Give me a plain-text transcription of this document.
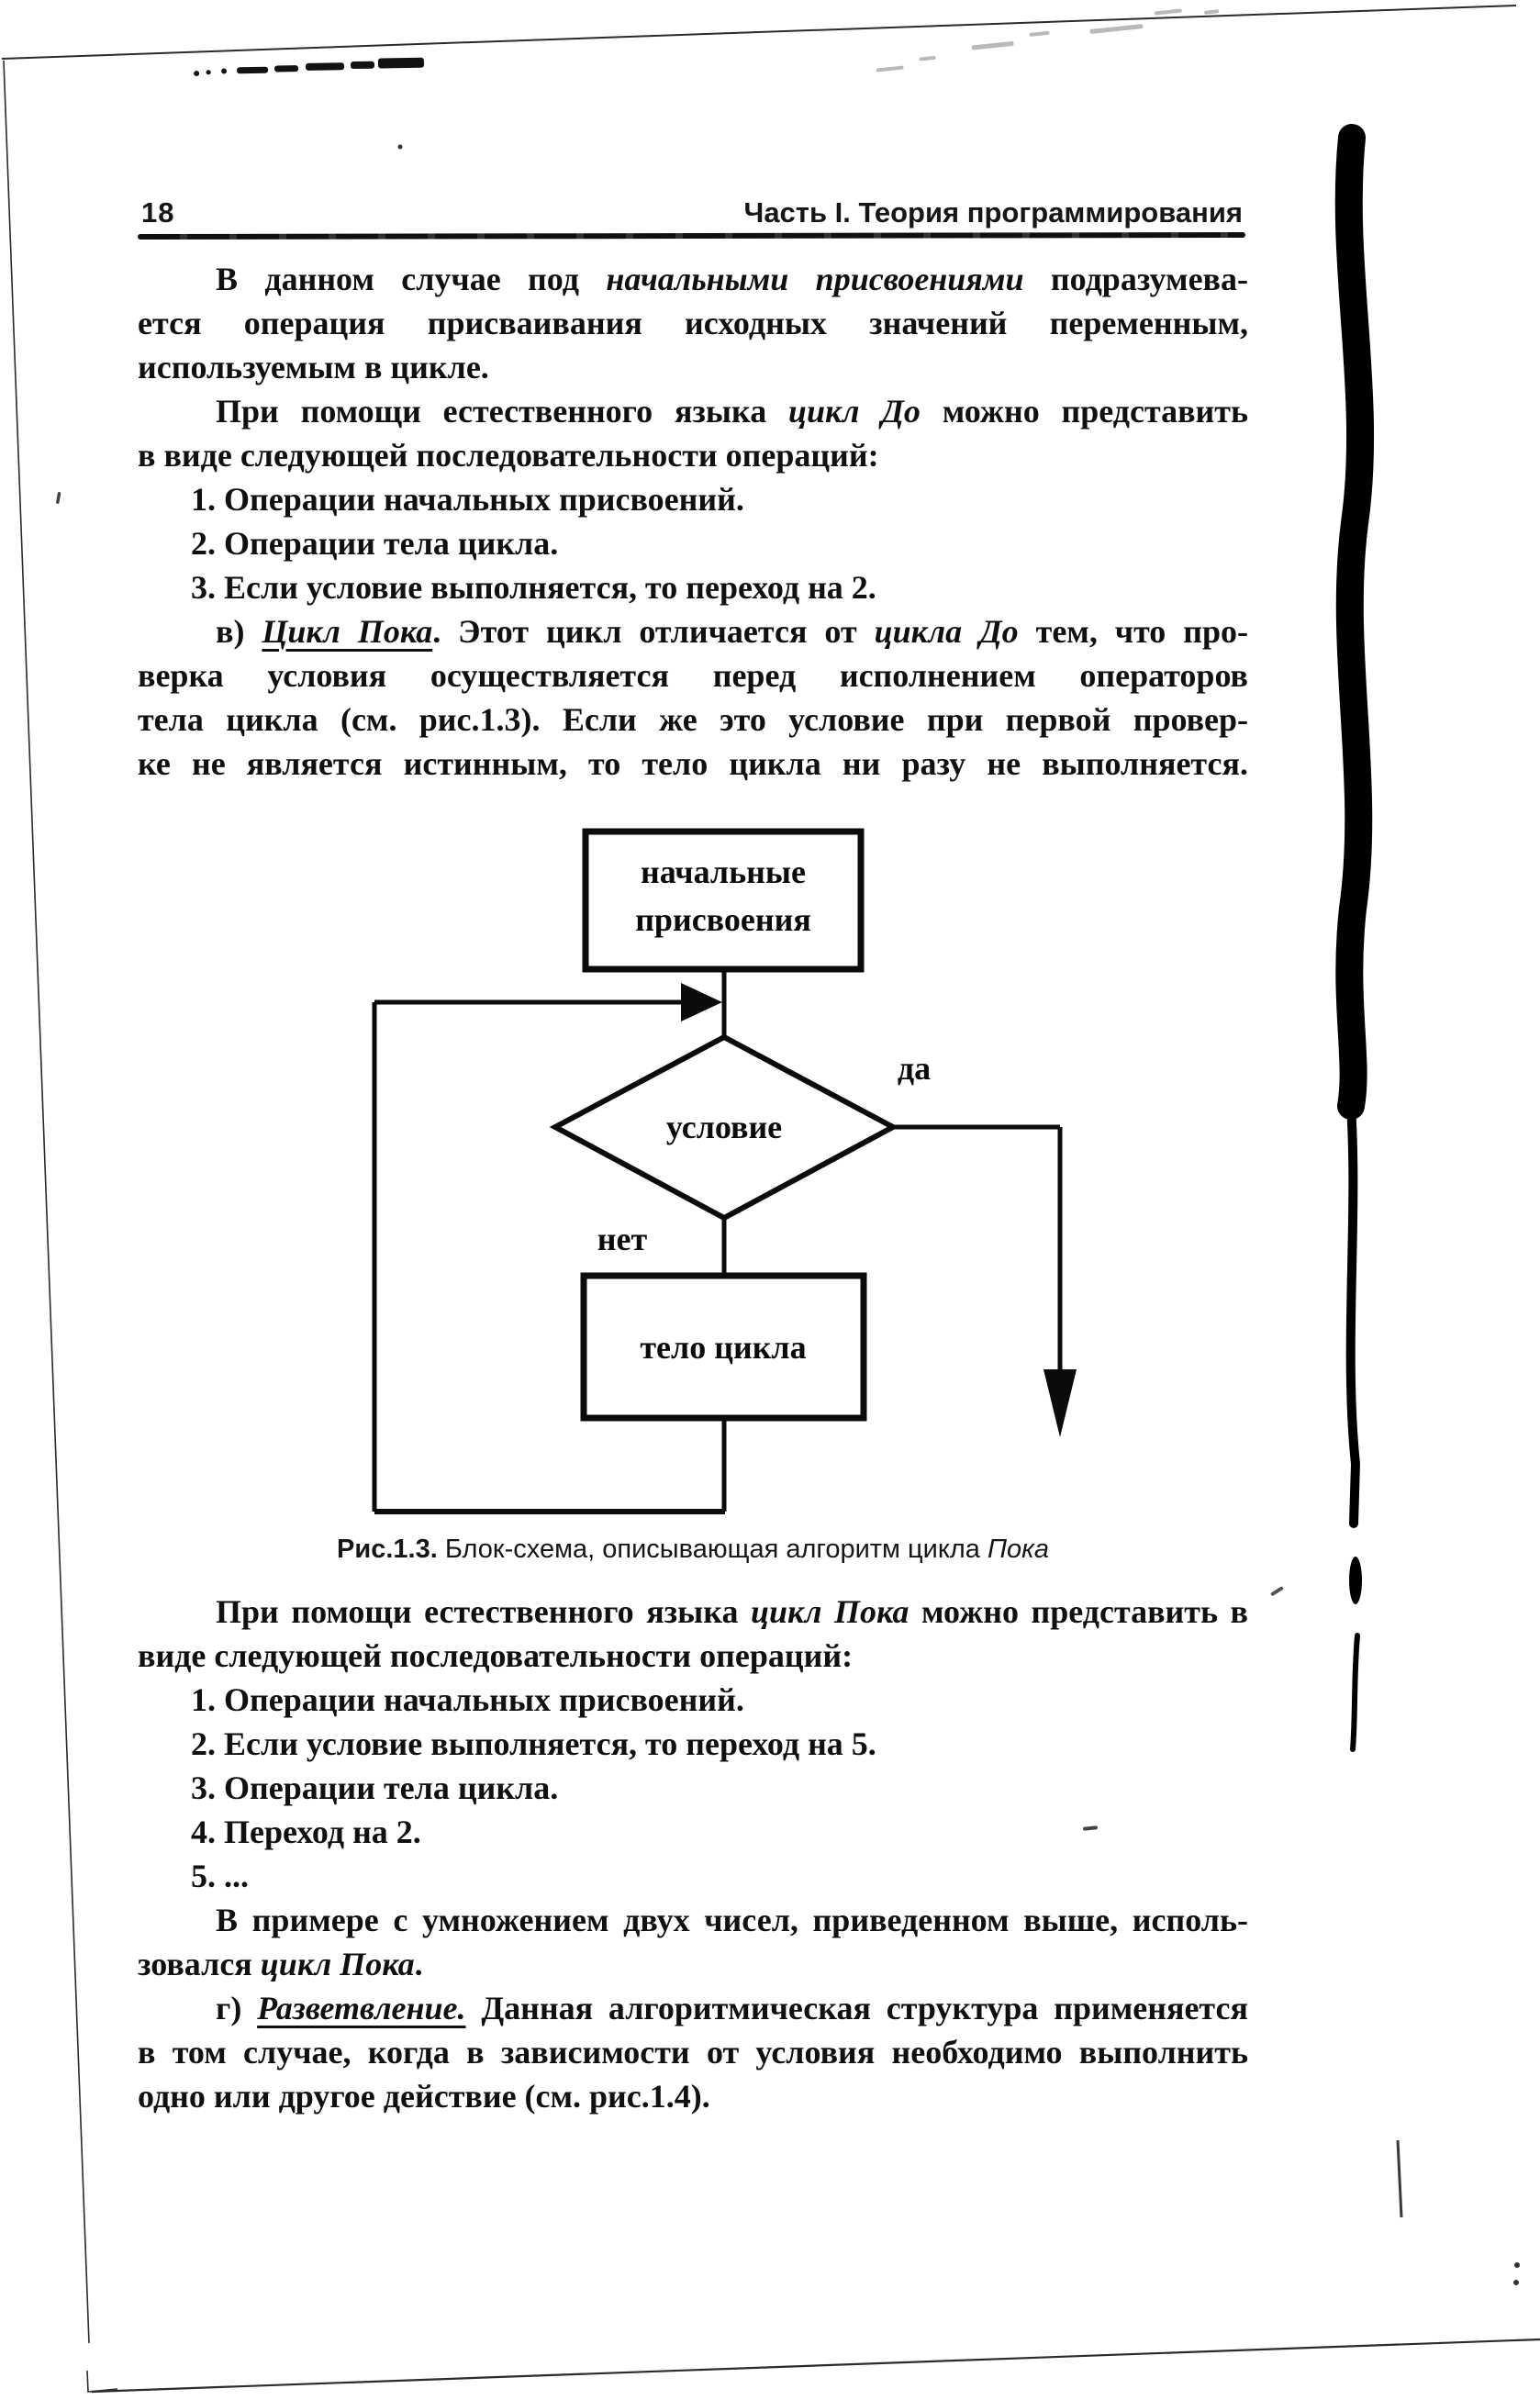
18	Часть I. Теория программирования
В данном случае под начальными присвоениями подразумева-
ется операция присваивания исходных значений переменным,
используемым в цикле.
При помощи естественного языка цикл До можно представить
в виде следующей последовательности операций:
1. Операции начальных присвоений.
2. Операции тела цикла.
3. Если условие выполняется, то переход на 2.
в) Цикл Пока. Этот цикл отличается от цикла До тем, что про-
верка условия осуществляется перед исполнением операторов
тела цикла (см. рис.1.3). Если же это условие при первой провер-
ке не является истинным, то тело цикла ни разу не выполняется.
начальные
присвоения
условие
да
нет
тело цикла
Рис.1.3. Блок-схема, описывающая алгоритм цикла Пока
При помощи естественного языка цикл Пока можно представить в
виде следующей последовательности операций:
1. Операции начальных присвоений.
2. Если условие выполняется, то переход на 5.
3. Операции тела цикла.
4. Переход на 2.
5. ...
В примере с умножением двух чисел, приведенном выше, исполь-
зовался цикл Пока.
г) Разветвление. Данная алгоритмическая структура применяется
в том случае, когда в зависимости от условия необходимо выполнить
одно или другое действие (см. рис.1.4).
